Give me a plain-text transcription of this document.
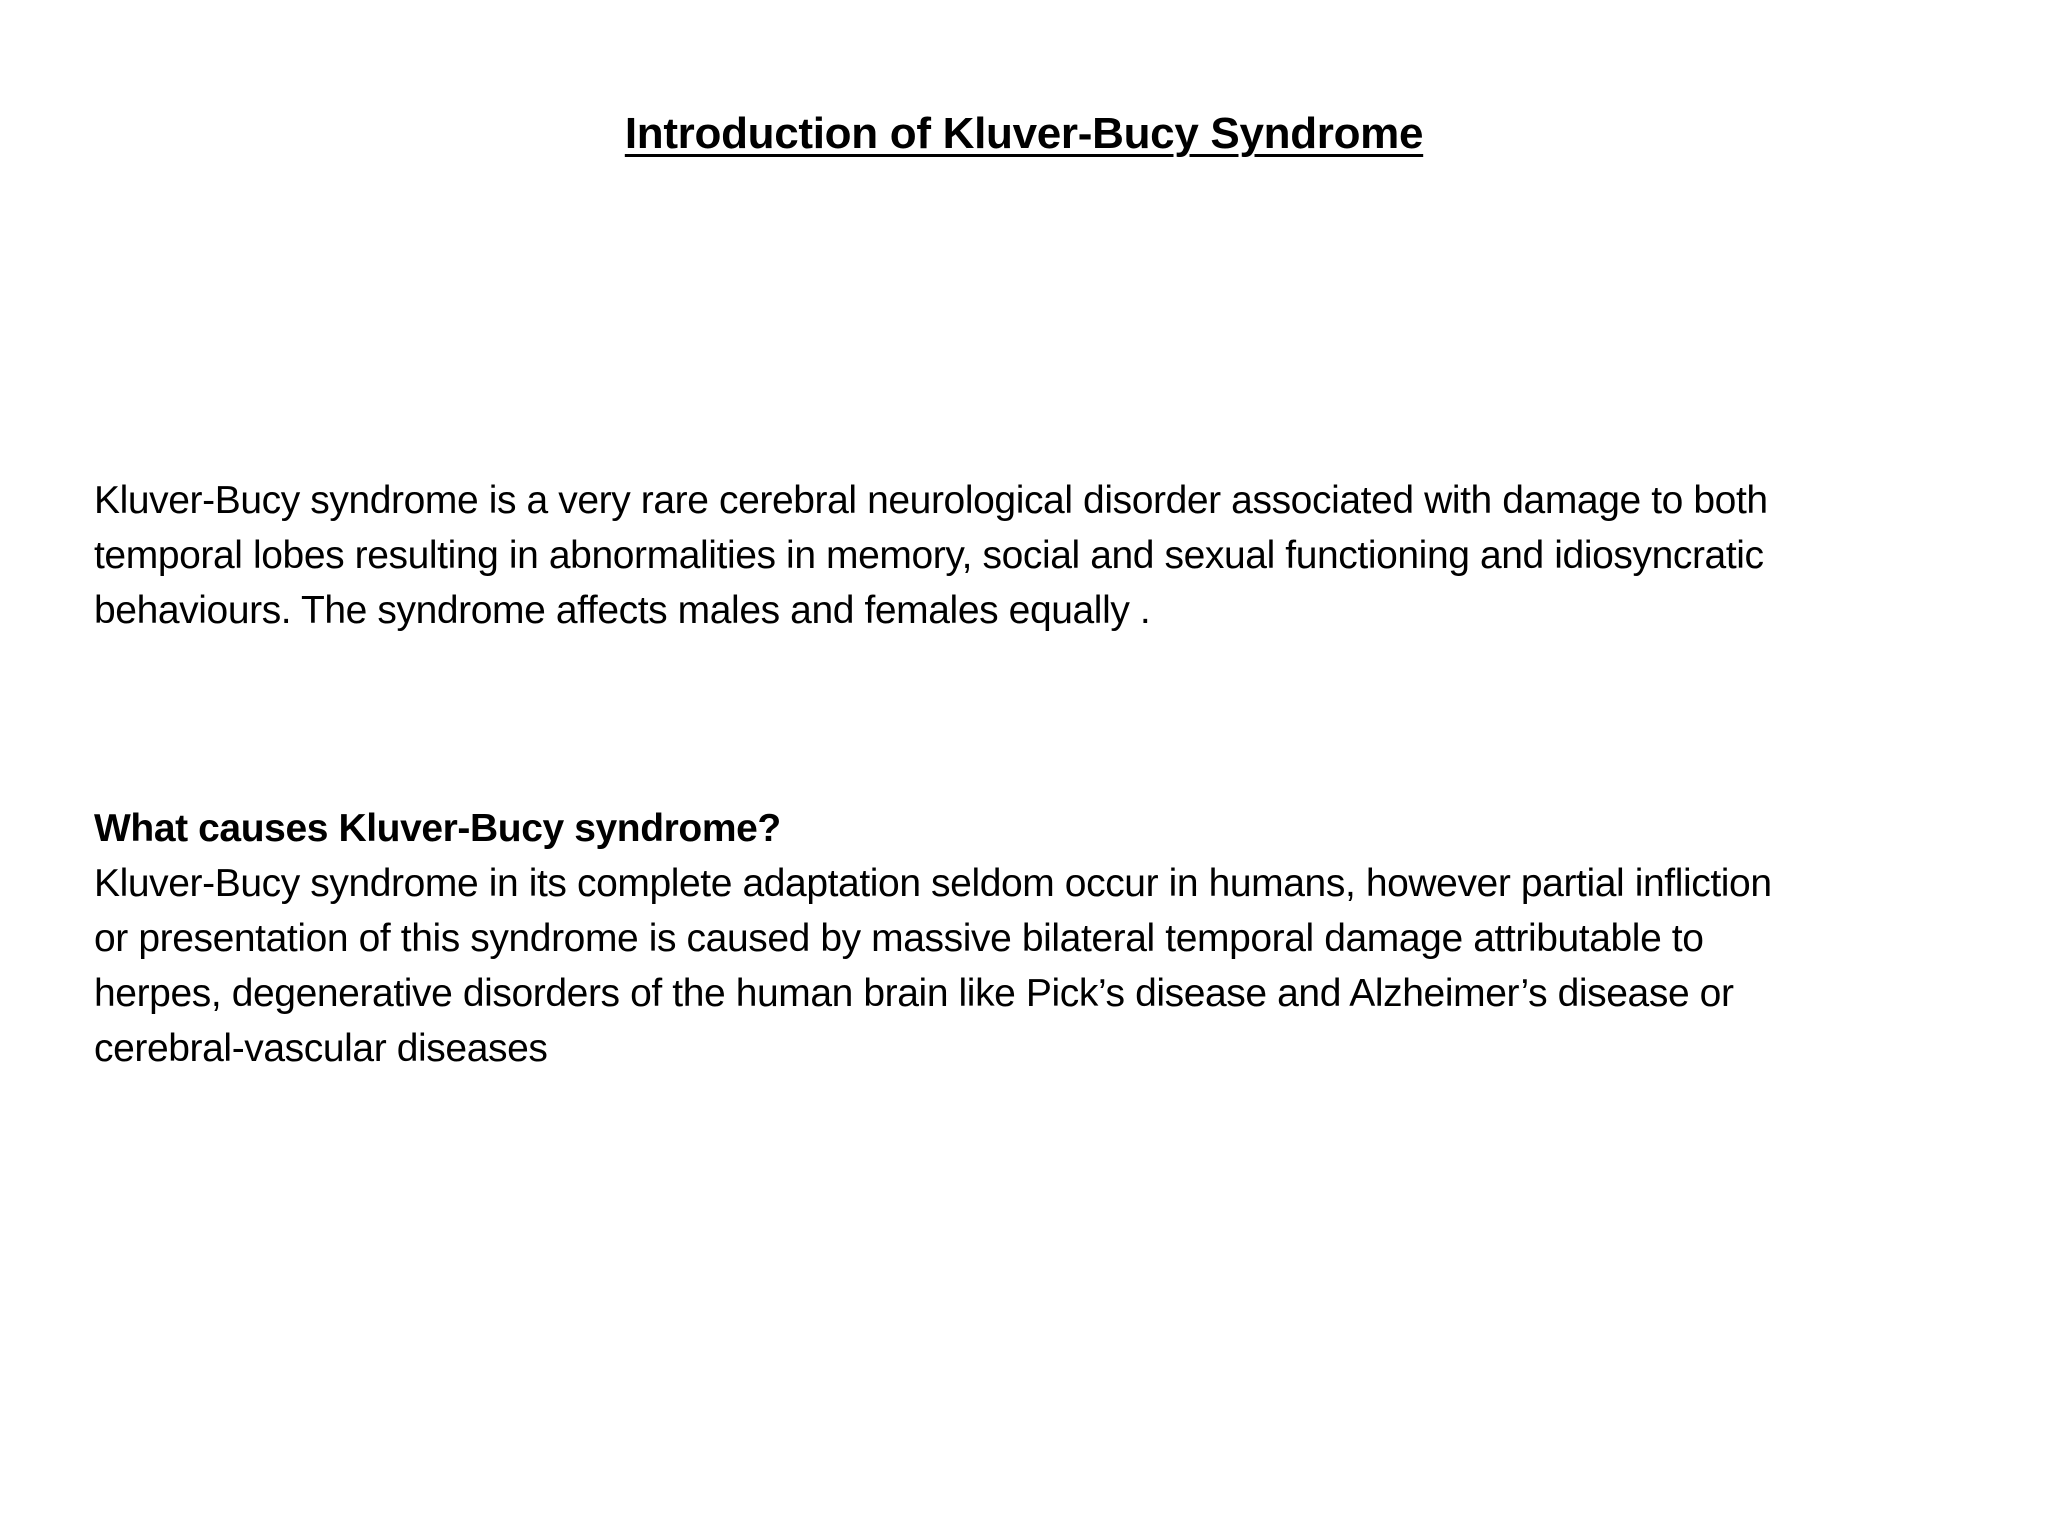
Introduction of Kluver-Bucy Syndrome
Kluver-Bucy syndrome is a very rare cerebral neurological disorder associated with damage to both
temporal lobes resulting in abnormalities in memory, social and sexual functioning and idiosyncratic
behaviours. The syndrome affects males and females equally .
What causes Kluver-Bucy syndrome?
Kluver-Bucy syndrome in its complete adaptation seldom occur in humans, however partial infliction
or presentation of this syndrome is caused by massive bilateral temporal damage attributable to
herpes, degenerative disorders of the human brain like Pick’s disease and Alzheimer’s disease or
cerebral-vascular diseases
